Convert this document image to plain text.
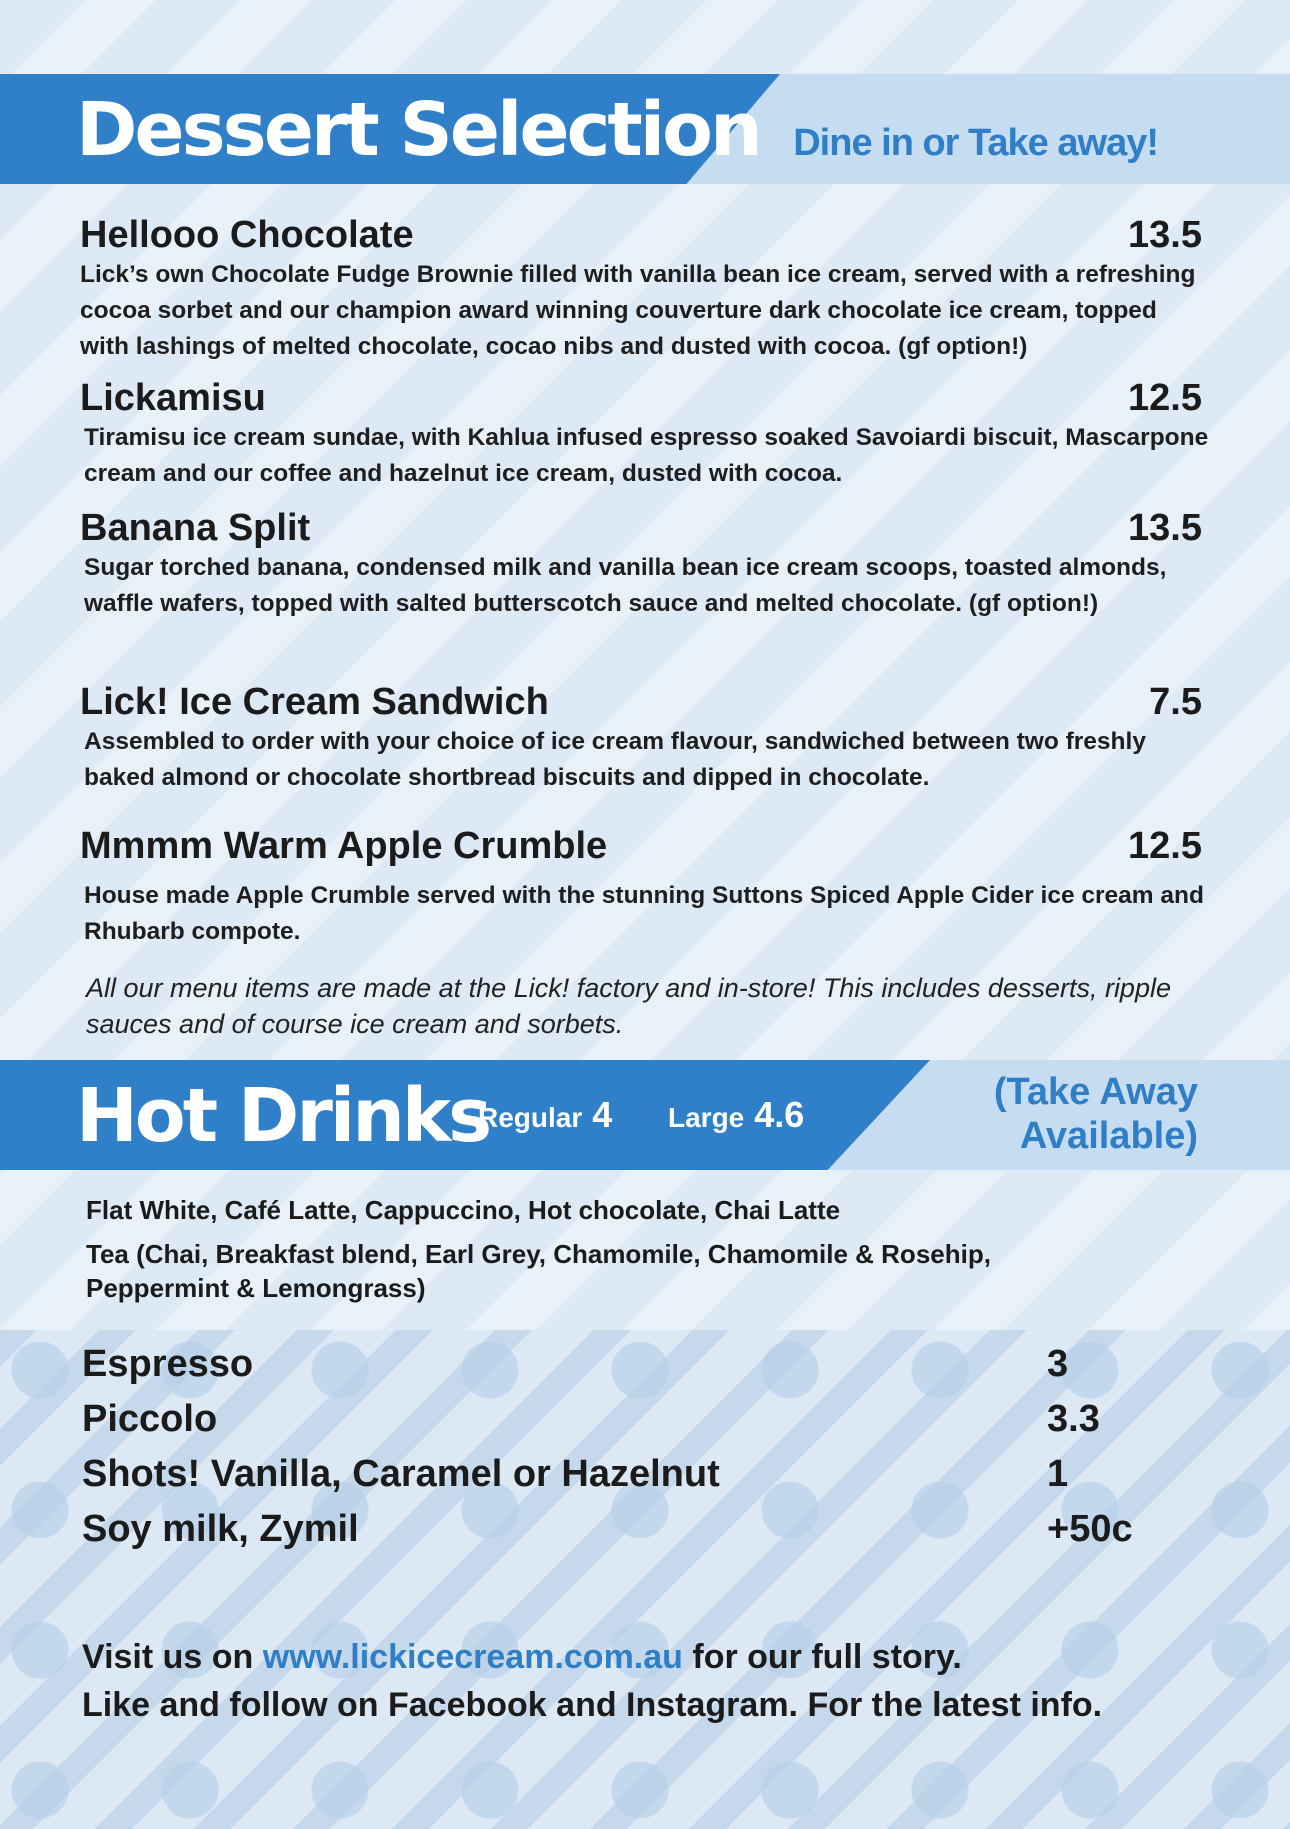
Dessert Selection Dine in or Take away!
Hellooo Chocolate	13.5
Lick’s own Chocolate Fudge Brownie filled with vanilla bean ice cream, served with a refreshing cocoa sorbet and our champion award winning couverture dark chocolate ice cream, topped with lashings of melted chocolate, cocao nibs and dusted with cocoa. (gf option!)
Lickamisu	12.5
Tiramisu ice cream sundae, with Kahlua infused espresso soaked Savoiardi biscuit, Mascarpone cream and our coffee and hazelnut ice cream, dusted with cocoa.
Banana Split	13.5
Sugar torched banana, condensed milk and vanilla bean ice cream scoops, toasted almonds, waffle wafers, topped with salted butterscotch sauce and melted chocolate. (gf option!)
Lick! Ice Cream Sandwich	7.5
Assembled to order with your choice of ice cream flavour, sandwiched between two freshly baked almond or chocolate shortbread biscuits and dipped in chocolate.
Mmmm Warm Apple Crumble	12.5
House made Apple Crumble served with the stunning Suttons Spiced Apple Cider ice cream and Rhubarb compote.
All our menu items are made at the Lick! factory and in-store! This includes desserts, ripple sauces and of course ice cream and sorbets.
Hot Drinks
Regular 4 Large 4.6
(Take Away
Available)

Flat White, Café Latte, Cappuccino, Hot chocolate, Chai Latte

Tea (Chai, Breakfast blend, Earl Grey, Chamomile, Chamomile & Rosehip, Peppermint & Lemongrass)

Espresso	3
Piccolo	3.3
Shots! Vanilla, Caramel or Hazelnut	1
Soy milk, Zymil	+50c
Visit us on www.lickicecream.com.au for our full story.
Like and follow on Facebook and Instagram. For the latest info.
